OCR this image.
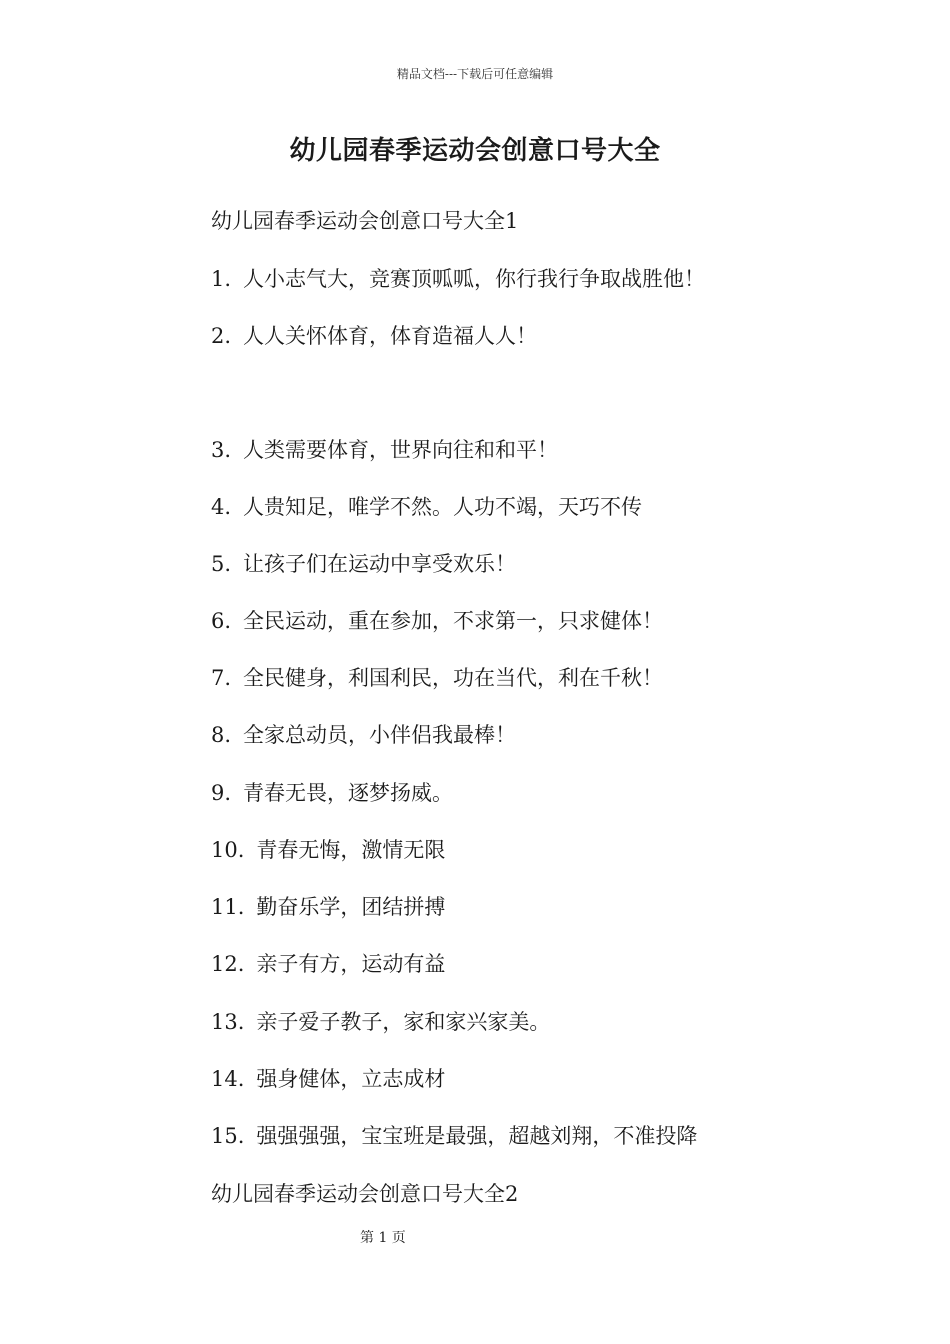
精品文档---下载后可任意编辑
幼儿园春季运动会创意口号大全
幼儿园春季运动会创意口号大全1
1. 人小志气大，竞赛顶呱呱，你行我行争取战胜他！
2. 人人关怀体育，体育造福人人！
3. 人类需要体育，世界向往和和平！
4. 人贵知足，唯学不然。人功不竭，天巧不传
5. 让孩子们在运动中享受欢乐！
6. 全民运动，重在参加，不求第一，只求健体！
7. 全民健身，利国利民，功在当代，利在千秋！
8. 全家总动员，小伴侣我最棒！
9. 青春无畏，逐梦扬威。
10. 青春无悔，激情无限
11. 勤奋乐学，团结拼搏
12. 亲子有方，运动有益
13. 亲子爱子教子，家和家兴家美。
14. 强身健体，立志成材
15. 强强强强，宝宝班是最强，超越刘翔，不准投降
幼儿园春季运动会创意口号大全2
第 1 页
